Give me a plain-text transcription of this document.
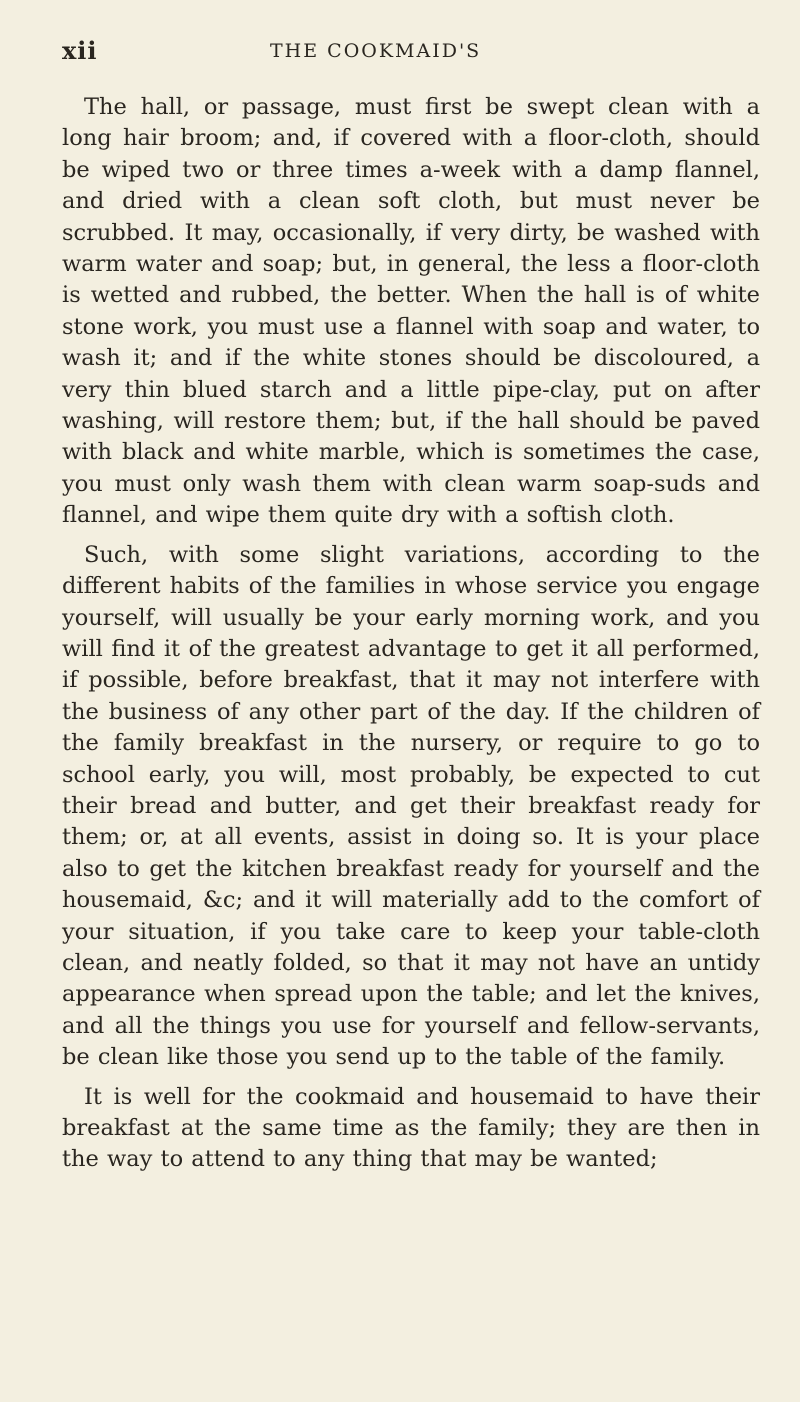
xii	THE COOKMAID'S

The hall, or passage, must first be swept clean with a long hair broom; and, if covered with a floor-cloth, should be wiped two or three times a-week with a damp flannel, and dried with a clean soft cloth, but must never be scrubbed. It may, occasionally, if very dirty, be washed with warm water and soap; but, in general, the less a floor-cloth is wetted and rubbed, the better. When the hall is of white stone work, you must use a flannel with soap and water, to wash it; and if the white stones should be discoloured, a very thin blued starch and a little pipe-clay, put on after washing, will restore them; but, if the hall should be paved with black and white marble, which is sometimes the case, you must only wash them with clean warm soap-suds and flannel, and wipe them quite dry with a softish cloth.

Such, with some slight variations, according to the different habits of the families in whose service you engage yourself, will usually be your early morning work, and you will find it of the greatest advantage to get it all performed, if possible, before breakfast, that it may not interfere with the business of any other part of the day. If the children of the family breakfast in the nursery, or require to go to school early, you will, most probably, be expected to cut their bread and butter, and get their breakfast ready for them; or, at all events, assist in doing so. It is your place also to get the kitchen breakfast ready for yourself and the housemaid, &c; and it will materially add to the comfort of your situation, if you take care to keep your table-cloth clean, and neatly folded, so that it may not have an untidy appearance when spread upon the table; and let the knives, and all the things you use for yourself and fellow-servants, be clean like those you send up to the table of the family.

It is well for the cookmaid and housemaid to have their breakfast at the same time as the family; they are then in the way to attend to any thing that may be wanted;
